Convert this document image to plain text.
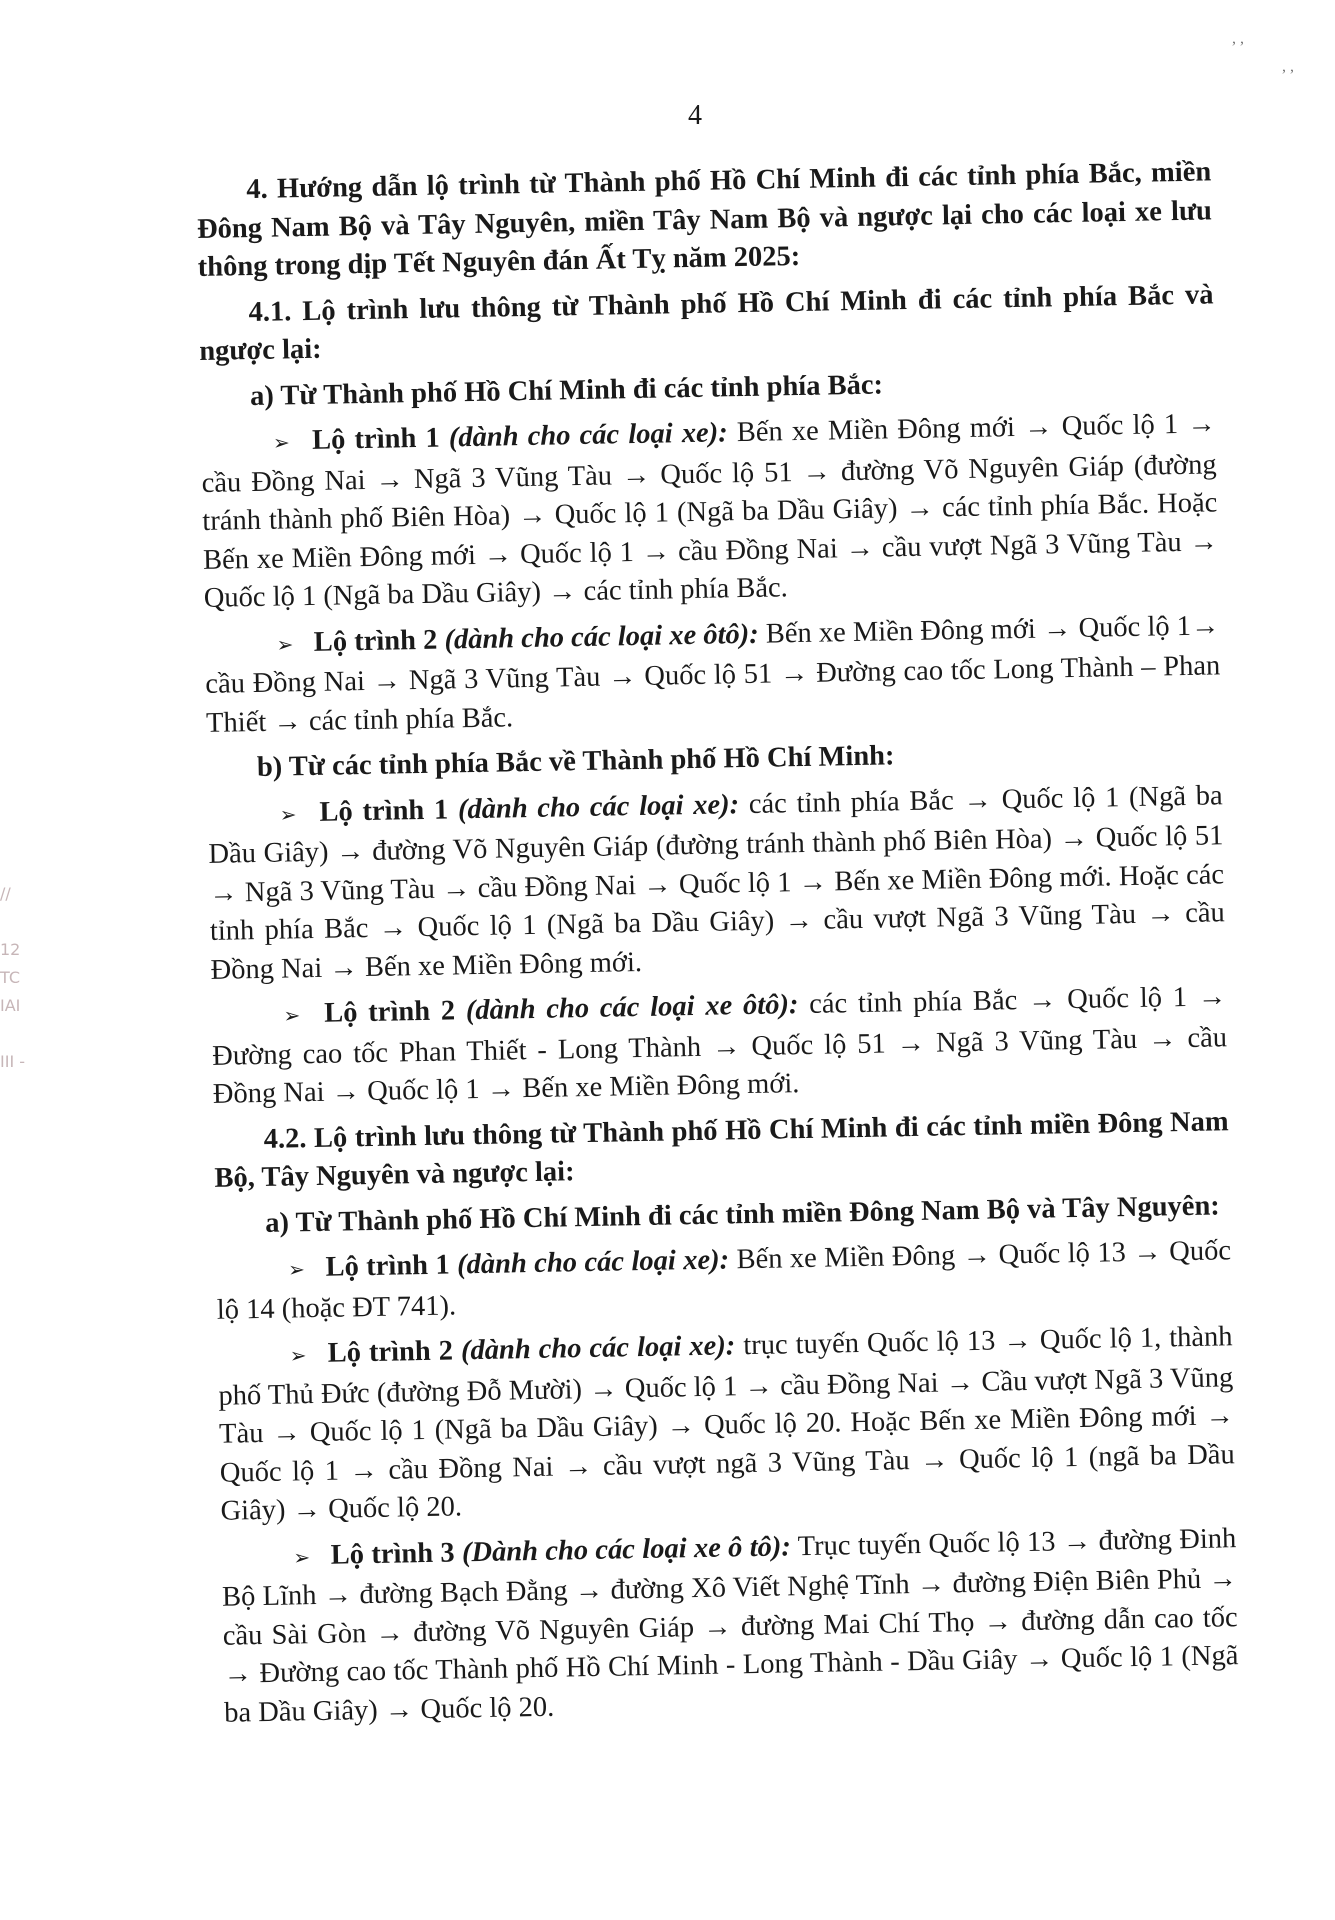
, ,
, ,
//

12
TC
IAI

III -
4

4. Hướng dẫn lộ trình từ Thành phố Hồ Chí Minh đi các tỉnh phía Bắc, miền Đông Nam Bộ và Tây Nguyên, miền Tây Nam Bộ và ngược lại cho các loại xe lưu thông trong dịp Tết Nguyên đán Ất Tỵ năm 2025:

4.1. Lộ trình lưu thông từ Thành phố Hồ Chí Minh đi các tỉnh phía Bắc và ngược lại:

a) Từ Thành phố Hồ Chí Minh đi các tỉnh phía Bắc:

➢ Lộ trình 1 (dành cho các loại xe): Bến xe Miền Đông mới → Quốc lộ 1 → cầu Đồng Nai → Ngã 3 Vũng Tàu → Quốc lộ 51 → đường Võ Nguyên Giáp (đường tránh thành phố Biên Hòa) → Quốc lộ 1 (Ngã ba Dầu Giây) → các tỉnh phía Bắc. Hoặc Bến xe Miền Đông mới → Quốc lộ 1 → cầu Đồng Nai → cầu vượt Ngã 3 Vũng Tàu → Quốc lộ 1 (Ngã ba Dầu Giây) → các tỉnh phía Bắc.

➢ Lộ trình 2 (dành cho các loại xe ôtô): Bến xe Miền Đông mới → Quốc lộ 1→ cầu Đồng Nai → Ngã 3 Vũng Tàu → Quốc lộ 51 → Đường cao tốc Long Thành – Phan Thiết → các tỉnh phía Bắc.

b) Từ các tỉnh phía Bắc về Thành phố Hồ Chí Minh:

➢ Lộ trình 1 (dành cho các loại xe): các tỉnh phía Bắc → Quốc lộ 1 (Ngã ba Dầu Giây) → đường Võ Nguyên Giáp (đường tránh thành phố Biên Hòa) → Quốc lộ 51 → Ngã 3 Vũng Tàu → cầu Đồng Nai → Quốc lộ 1 → Bến xe Miền Đông mới. Hoặc các tỉnh phía Bắc → Quốc lộ 1 (Ngã ba Dầu Giây) → cầu vượt Ngã 3 Vũng Tàu → cầu Đồng Nai → Bến xe Miền Đông mới.

➢ Lộ trình 2 (dành cho các loại xe ôtô): các tỉnh phía Bắc → Quốc lộ 1 → Đường cao tốc Phan Thiết - Long Thành → Quốc lộ 51 → Ngã 3 Vũng Tàu → cầu Đồng Nai → Quốc lộ 1 → Bến xe Miền Đông mới.

4.2. Lộ trình lưu thông từ Thành phố Hồ Chí Minh đi các tỉnh miền Đông Nam Bộ, Tây Nguyên và ngược lại:

a) Từ Thành phố Hồ Chí Minh đi các tỉnh miền Đông Nam Bộ và Tây Nguyên:

➢ Lộ trình 1 (dành cho các loại xe): Bến xe Miền Đông → Quốc lộ 13 → Quốc lộ 14 (hoặc ĐT 741).

➢ Lộ trình 2 (dành cho các loại xe): trục tuyến Quốc lộ 13 → Quốc lộ 1, thành phố Thủ Đức (đường Đỗ Mười) → Quốc lộ 1 → cầu Đồng Nai → Cầu vượt Ngã 3 Vũng Tàu → Quốc lộ 1 (Ngã ba Dầu Giây) → Quốc lộ 20. Hoặc Bến xe Miền Đông mới → Quốc lộ 1 → cầu Đồng Nai → cầu vượt ngã 3 Vũng Tàu → Quốc lộ 1 (ngã ba Dầu Giây) → Quốc lộ 20.

➢ Lộ trình 3 (Dành cho các loại xe ô tô): Trục tuyến Quốc lộ 13 → đường Đinh Bộ Lĩnh → đường Bạch Đằng → đường Xô Viết Nghệ Tĩnh → đường Điện Biên Phủ → cầu Sài Gòn → đường Võ Nguyên Giáp → đường Mai Chí Thọ → đường dẫn cao tốc → Đường cao tốc Thành phố Hồ Chí Minh - Long Thành - Dầu Giây → Quốc lộ 1 (Ngã ba Dầu Giây) → Quốc lộ 20.
